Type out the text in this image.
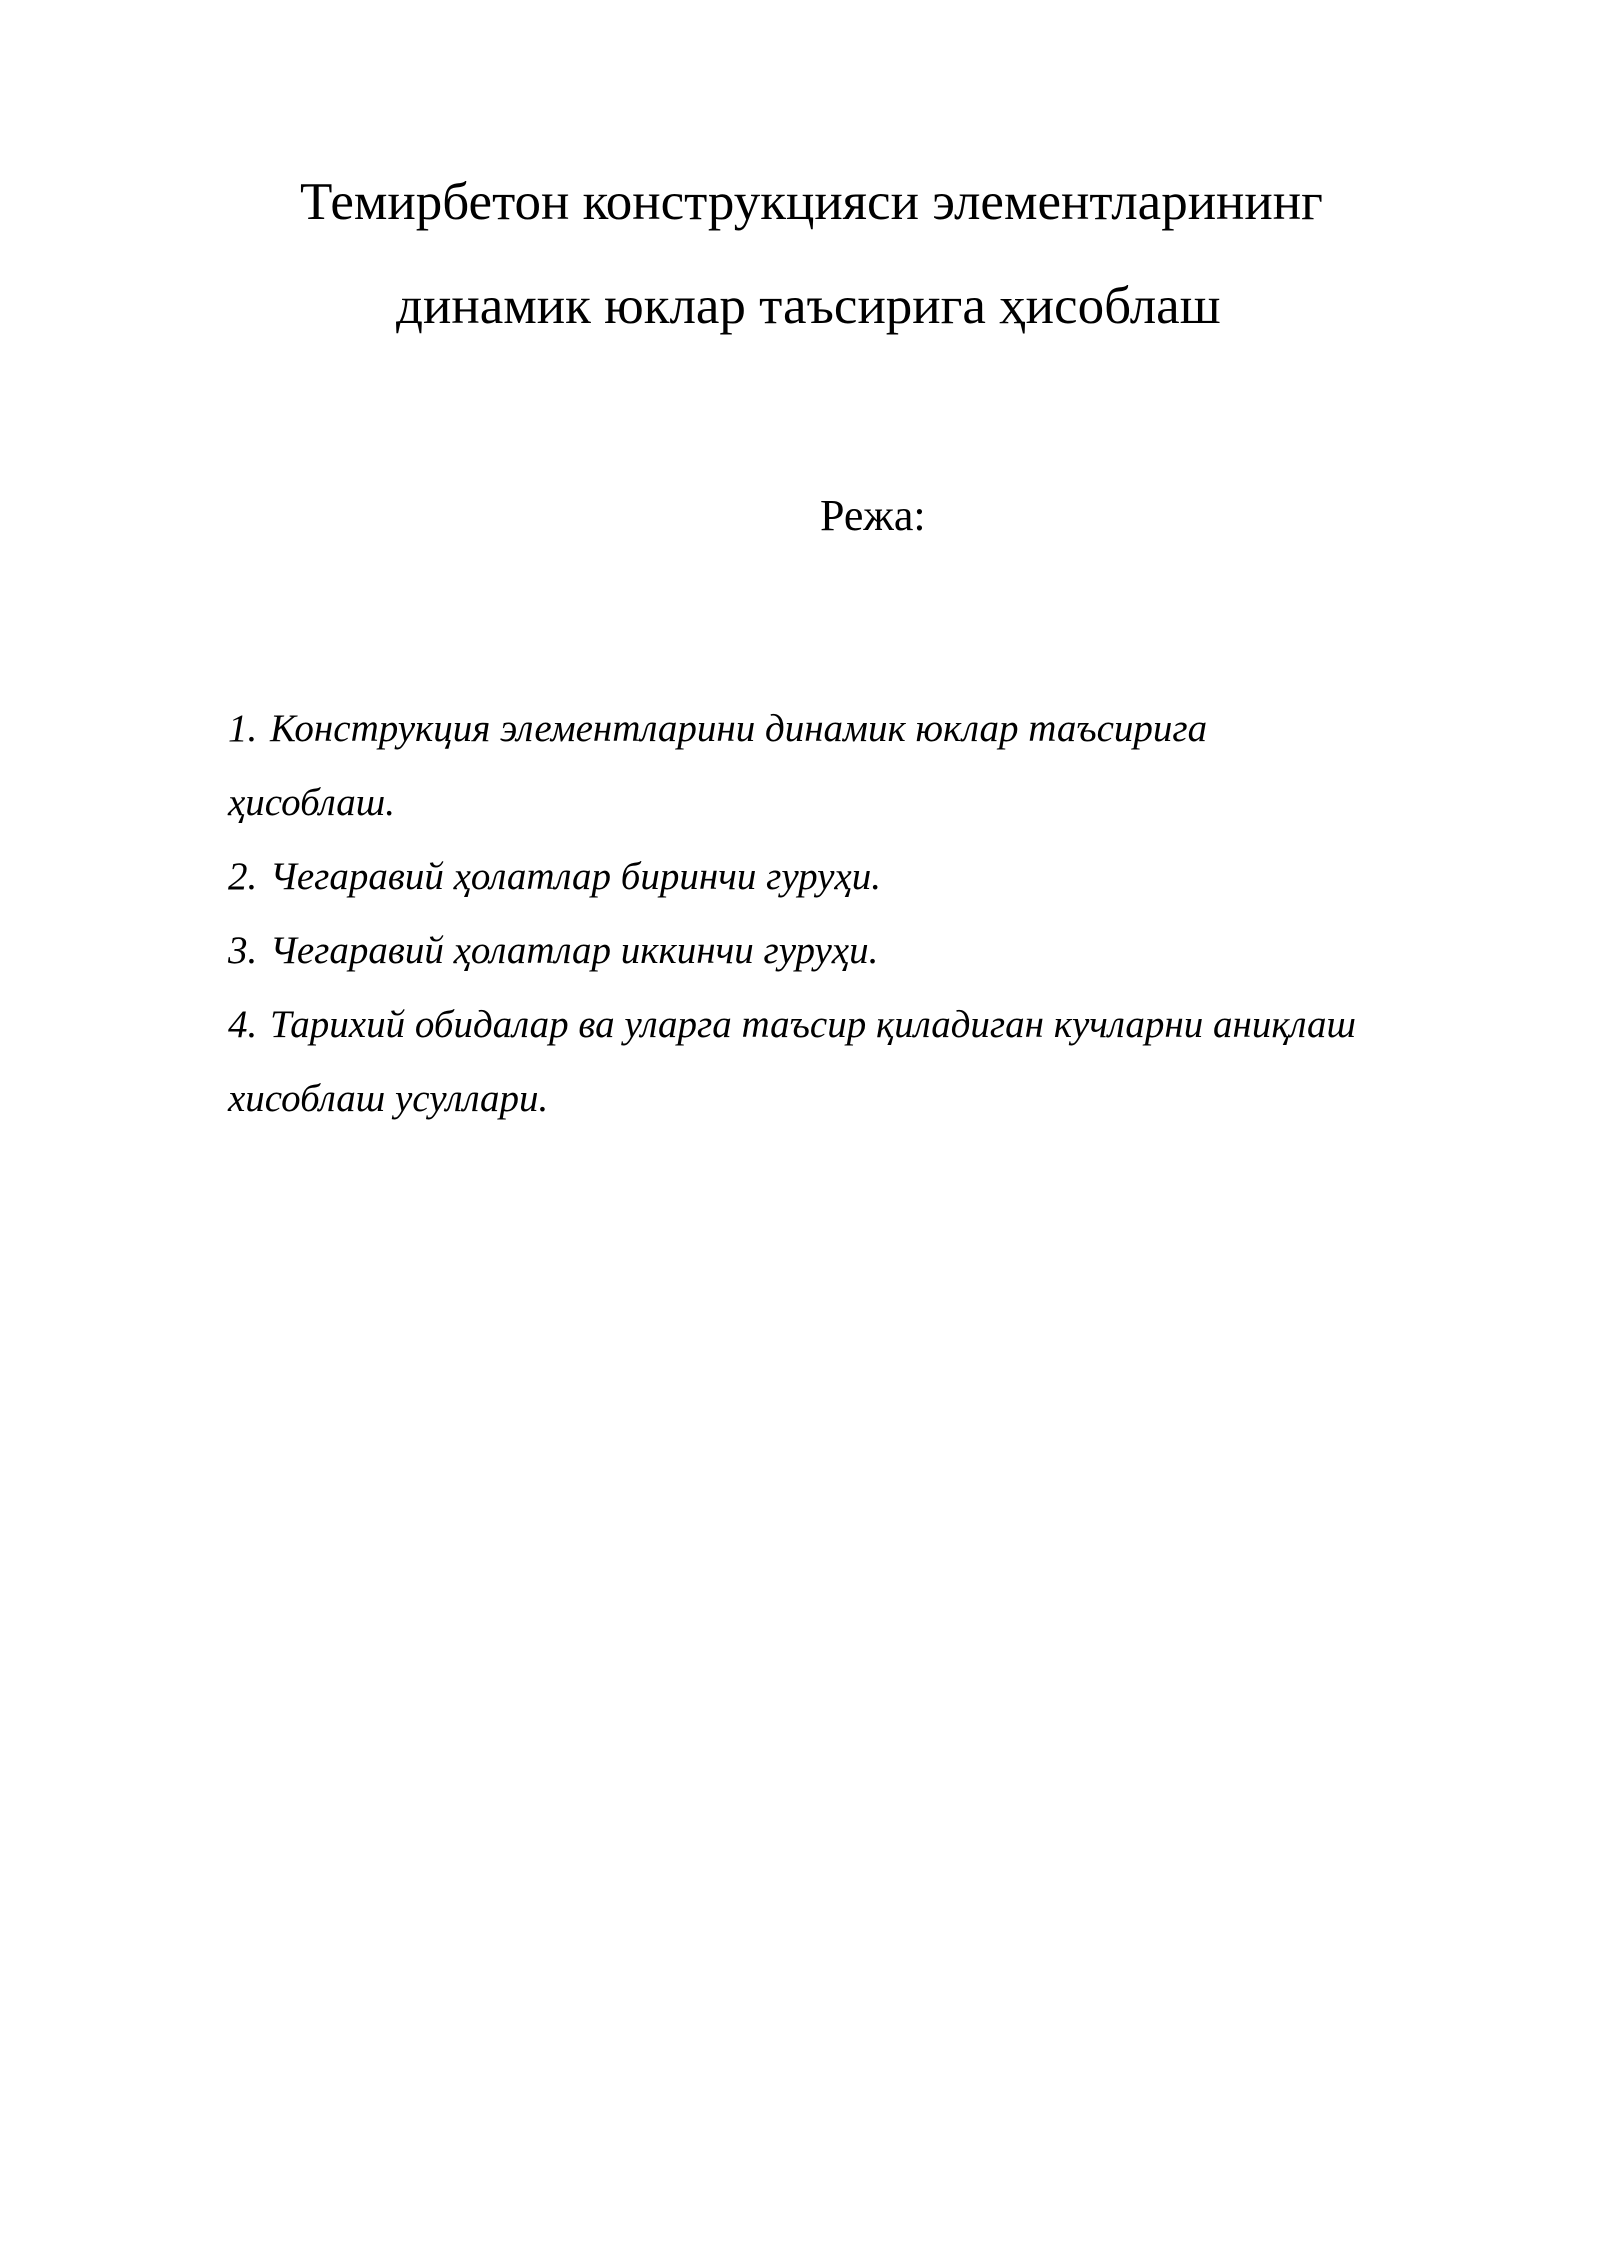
Темирбетон конструкцияси элементларининг
динамик юклар таъсирига ҳисоблаш
Режа:
1. Конструкция элементларини динамик юклар таъсирига
ҳисоблаш.
2. Чегаравий ҳолатлар биринчи гуруҳи.
3. Чегаравий ҳолатлар иккинчи гуруҳи.
4. Тарихий обидалар ва уларга таъсир қиладиган кучларни аниқлаш
хисоблаш усуллари.
